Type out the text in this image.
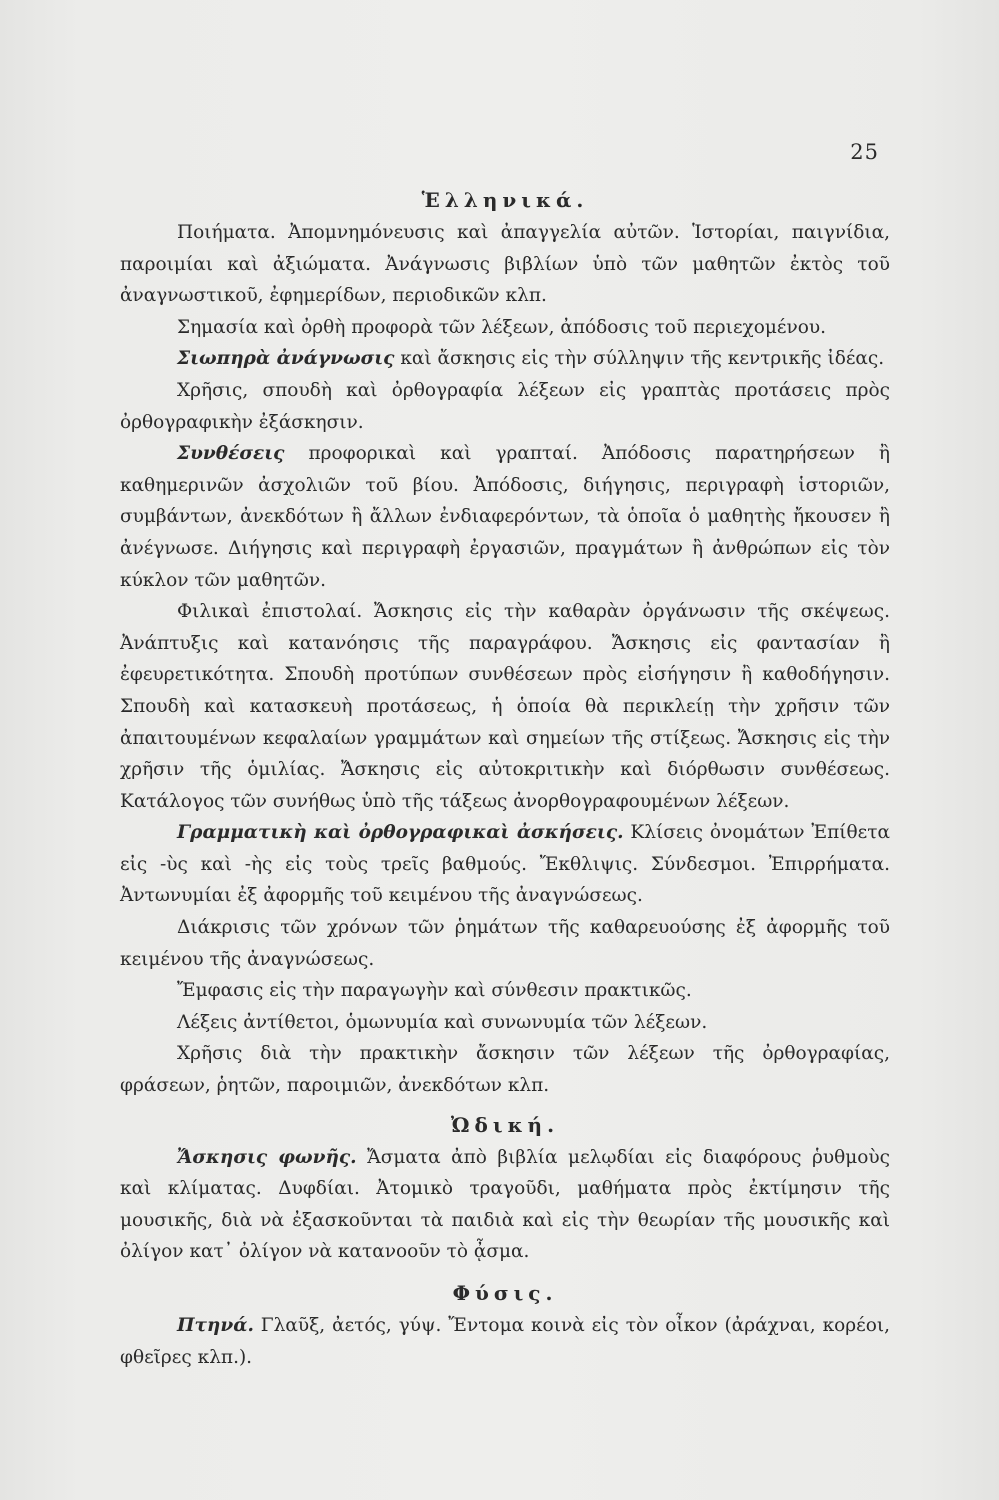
25
Ἑλληνικά.

Ποιήματα. Ἀπομνημόνευσις καὶ ἀπαγγελία αὐτῶν. Ἱστορίαι, παιγνίδια, παροιμίαι καὶ ἀξιώματα. Ἀνάγνωσις βιβλίων ὑπὸ τῶν μαθητῶν ἐκτὸς τοῦ ἀναγνωστικοῦ, ἐφημερίδων, περιοδικῶν κλπ.

Σημασία καὶ ὀρθὴ προφορὰ τῶν λέξεων, ἀπόδοσις τοῦ περιεχομένου.

Σιωπηρὰ ἀνάγνωσις καὶ ἄσκησις εἰς τὴν σύλληψιν τῆς κεντρικῆς ἰδέας.

Χρῆσις, σπουδὴ καὶ ὀρθογραφία λέξεων εἰς γραπτὰς προτάσεις πρὸς ὀρθογραφικὴν ἐξάσκησιν.

Συνθέσεις προφορικαὶ καὶ γραπταί. Ἀπόδοσις παρατηρήσεων ἢ καθημερινῶν ἀσχολιῶν τοῦ βίου. Ἀπόδοσις, διήγησις, περιγραφὴ ἱστοριῶν, συμβάντων, ἀνεκδότων ἢ ἄλλων ἐνδιαφερόντων, τὰ ὁποῖα ὁ μαθητὴς ἤκουσεν ἢ ἀνέγνωσε. Διήγησις καὶ περιγραφὴ ἐργασιῶν, πραγμάτων ἢ ἀνθρώπων εἰς τὸν κύκλον τῶν μαθητῶν.

Φιλικαὶ ἐπιστολαί. Ἄσκησις εἰς τὴν καθαρὰν ὀργάνωσιν τῆς σκέψεως. Ἀνάπτυξις καὶ κατανόησις τῆς παραγράφου. Ἄσκησις εἰς φαντασίαν ἢ ἐφευρετικότητα. Σπουδὴ προτύπων συνθέσεων πρὸς εἰσήγησιν ἢ καθοδήγησιν. Σπουδὴ καὶ κατασκευὴ προτάσεως, ἡ ὁποία θὰ περικλείῃ τὴν χρῆσιν τῶν ἀπαιτουμένων κεφαλαίων γραμμάτων καὶ σημείων τῆς στίξεως. Ἄσκησις εἰς τὴν χρῆσιν τῆς ὁμιλίας. Ἄσκησις εἰς αὐτοκριτικὴν καὶ διόρθωσιν συνθέσεως. Κατάλογος τῶν συνήθως ὑπὸ τῆς τάξεως ἀνορθογραφουμένων λέξεων.

Γραμματικὴ καὶ ὀρθογραφικαὶ ἀσκήσεις. Κλίσεις ὀνομάτων Ἐπίθετα εἰς -ὺς καὶ -ὴς εἰς τοὺς τρεῖς βαθμούς. Ἔκθλιψις. Σύνδεσμοι. Ἐπιρρήματα. Ἀντωνυμίαι ἐξ ἀφορμῆς τοῦ κειμένου τῆς ἀναγνώσεως.

Διάκρισις τῶν χρόνων τῶν ῥημάτων τῆς καθαρευούσης ἐξ ἀφορμῆς τοῦ κειμένου τῆς ἀναγνώσεως.

Ἔμφασις εἰς τὴν παραγωγὴν καὶ σύνθεσιν πρακτικῶς.

Λέξεις ἀντίθετοι, ὁμωνυμία καὶ συνωνυμία τῶν λέξεων.

Χρῆσις διὰ τὴν πρακτικὴν ἄσκησιν τῶν λέξεων τῆς ὀρθογραφίας, φράσεων, ῥητῶν, παροιμιῶν, ἀνεκδότων κλπ.

Ὠδική.

Ἄσκησις φωνῆς. Ἄσματα ἀπὸ βιβλία μελῳδίαι εἰς διαφόρους ῥυθμοὺς καὶ κλίματας. Δυφδίαι. Ἀτομικὸ τραγοῦδι, μαθήματα πρὸς ἐκτίμησιν τῆς μουσικῆς, διὰ νὰ ἐξασκοῦνται τὰ παιδιὰ καὶ εἰς τὴν θεωρίαν τῆς μουσικῆς καὶ ὀλίγον κατ᾽ ὀλίγον νὰ κατανοοῦν τὸ ᾆσμα.

Φύσις.

Πτηνά. Γλαῦξ, ἀετός, γύψ. Ἔντομα κοινὰ εἰς τὸν οἶκον (ἀράχναι, κορέοι, φθεῖρες κλπ.).
